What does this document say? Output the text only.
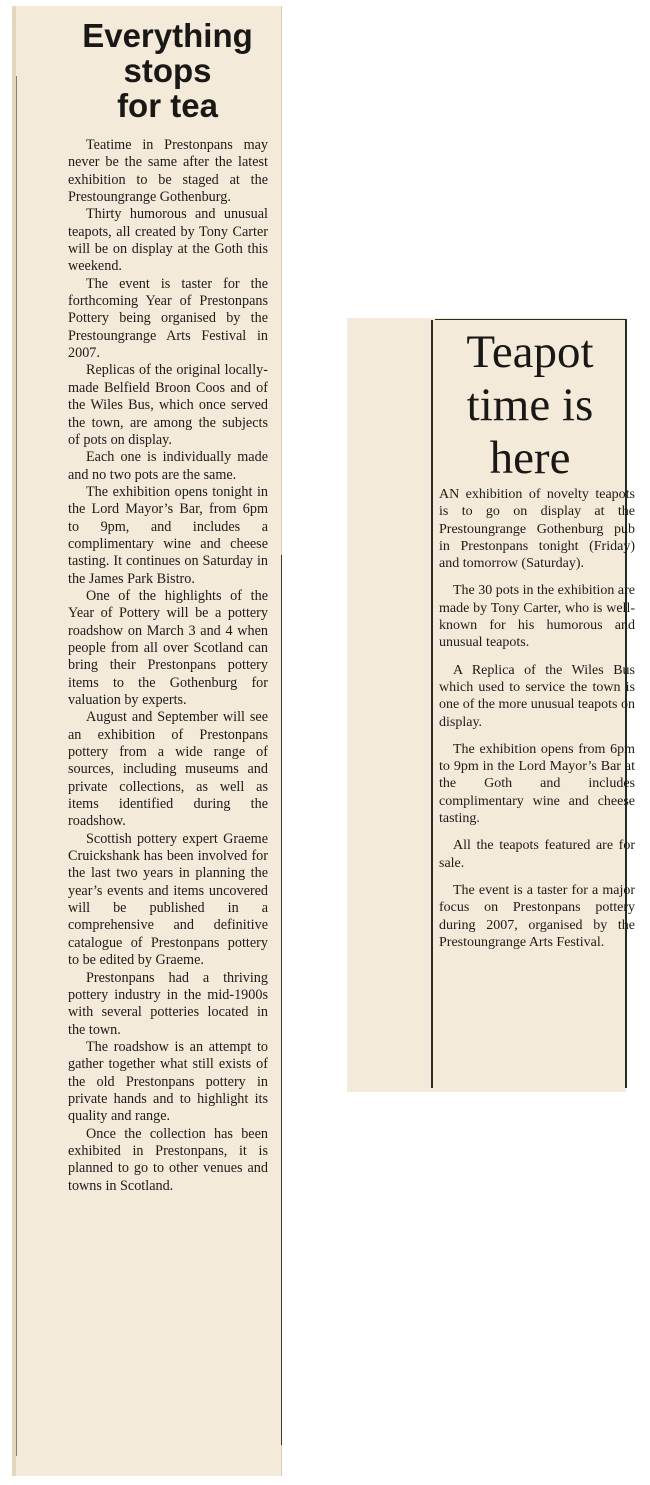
Everything
stops
for tea

Teatime in Prestonpans may never be the same after the latest exhibition to be staged at the Prestoungrange Gothenburg.

Thirty humorous and unusual teapots, all created by Tony Carter will be on display at the Goth this weekend.

The event is taster for the forthcoming Year of Prestonpans Pottery being organised by the Prestoungrange Arts Festival in 2007.

Replicas of the original locally-made Belfield Broon Coos and of the Wiles Bus, which once served the town, are among the subjects of pots on display.

Each one is individually made and no two pots are the same.

The exhibition opens tonight in the Lord Mayor’s Bar, from 6pm to 9pm, and includes a complimentary wine and cheese tasting. It continues on Saturday in the James Park Bistro.

One of the highlights of the Year of Pottery will be a pottery roadshow on March 3 and 4 when people from all over Scotland can bring their Prestonpans pottery items to the Gothenburg for valuation by experts.

August and September will see an exhibition of Prestonpans pottery from a wide range of sources, including museums and private collections, as well as items identified during the roadshow.

Scottish pottery expert Graeme Cruickshank has been involved for the last two years in planning the year’s events and items uncovered will be published in a comprehensive and definitive catalogue of Prestonpans pottery to be edited by Graeme.

Prestonpans had a thriving pottery industry in the mid-1900s with several potteries located in the town.

The roadshow is an attempt to gather together what still exists of the old Prestonpans pottery in private hands and to highlight its quality and range.

Once the collection has been exhibited in Prestonpans, it is planned to go to other venues and towns in Scotland.

Teapot
time is
here

AN exhibition of novelty teapots is to go on display at the Prestoungrange Gothenburg pub in Prestonpans tonight (Friday) and tomorrow (Saturday).

The 30 pots in the exhibition are made by Tony Carter, who is well-known for his humorous and unusual teapots.

A Replica of the Wiles Bus which used to service the town is one of the more unusual teapots on display.

The exhibition opens from 6pm to 9pm in the Lord Mayor’s Bar at the Goth and includes complimentary wine and cheese tasting.

All the teapots featured are for sale.

The event is a taster for a major focus on Prestonpans pottery during 2007, organised by the Prestoungrange Arts Festival.
